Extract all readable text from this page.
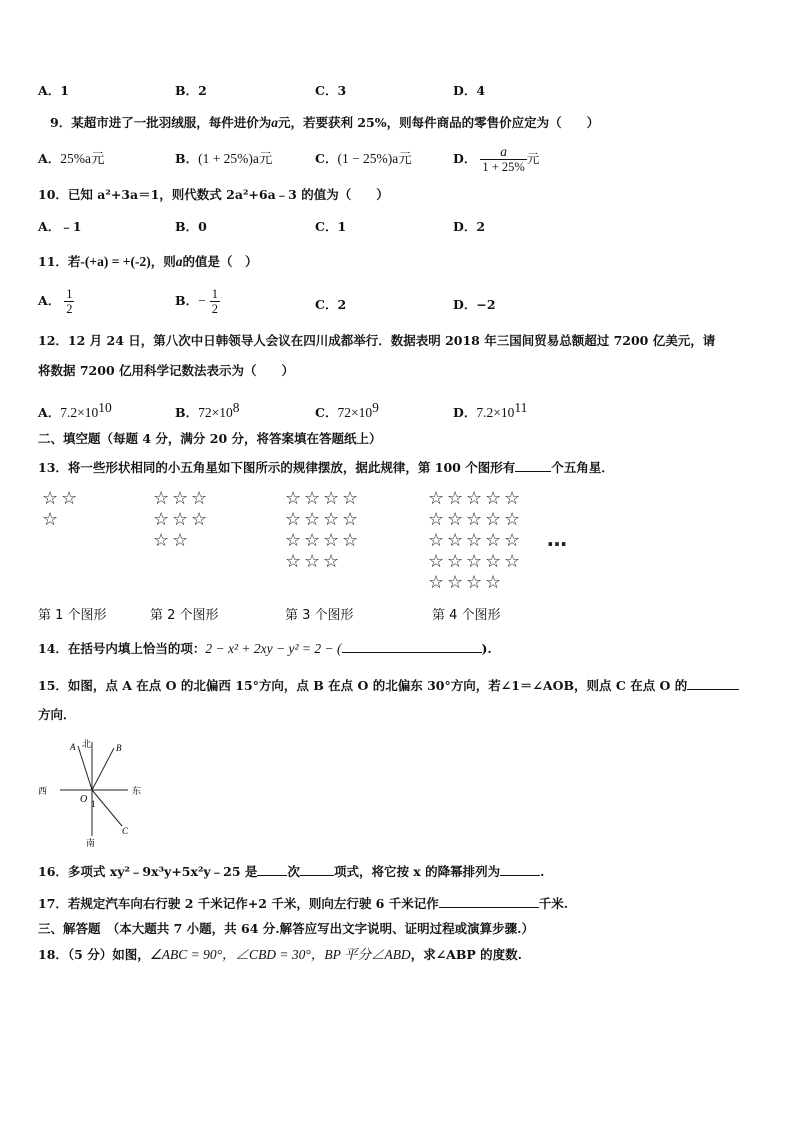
A．1	B．2	C．3	D．4
9．某超市进了一批羽绒服，每件进价为a元，若要获利 25%，则每件商品的零售价应定为（　　）
A．25%a元	B．(1 + 25%)a元	C．(1 − 25%)a元	D． $\frac{a}{1 + 25\%}$ 元
10．已知 a²+3a＝1，则代数式 2a²+6a﹣3 的值为（　　）
A．﹣1	B．0	C．1	D．2
11．若-(+a) = +(-2)，则a的值是（　）
A． $\frac{1}{2}$	B．− $\frac{1}{2}$	C．2	D．−2
12．12 月 24 日，第八次中日韩领导人会议在四川成都举行．数据表明 2018 年三国间贸易总额超过 7200 亿美元，请
将数据 7200 亿用科学记数法表示为（　　）
A．$7.2\times 10^{10}$	B．$72\times 10^8$	C．$72\times 10^9$	D．$7.2\times 10^{11}$
二、填空题（每题 4 分，满分 20 分，将答案填在答题纸上）
13．将一些形状相同的小五角星如下图所示的规律摆放，据此规律，第 100 个图形有	个五角星．
☆ ☆
☆
☆ ☆ ☆
☆ ☆ ☆
☆ ☆
☆ ☆ ☆ ☆
☆ ☆ ☆ ☆
☆ ☆ ☆ ☆
☆ ☆ ☆
☆ ☆ ☆ ☆ ☆
☆ ☆ ☆ ☆ ☆
☆ ☆ ☆ ☆ ☆
☆ ☆ ☆ ☆ ☆
☆ ☆ ☆ ☆
…
第 1 个图形	第 2 个图形	第 3 个图形	第 4 个图形
14．在括号内填上恰当的项：2 − x² + 2xy − y² = 2 − (	).
15．如图，点 A 在点 O 的北偏西 15°方向，点 B 在点 O 的北偏东 30°方向，若∠1＝∠AOB，则点 C 在点 O 的
方向．
A 北	B
西	东
O 1
南
C
16．多项式 xy²﹣9x³y+5x²y﹣25 是 次	项式，将它按 x 的降幂排列为	.
17．若规定汽车向右行驶 2 千米记作+2 千米，则向左行驶 6 千米记作	千米.
三、解答题　（本大题共 7 小题，共 64 分.解答应写出文字说明、证明过程或演算步骤.）
18．（5 分）如图，∠ABC = 90°，∠CBD = 30°，BP 平分∠ABD，求∠ABP 的度数.
